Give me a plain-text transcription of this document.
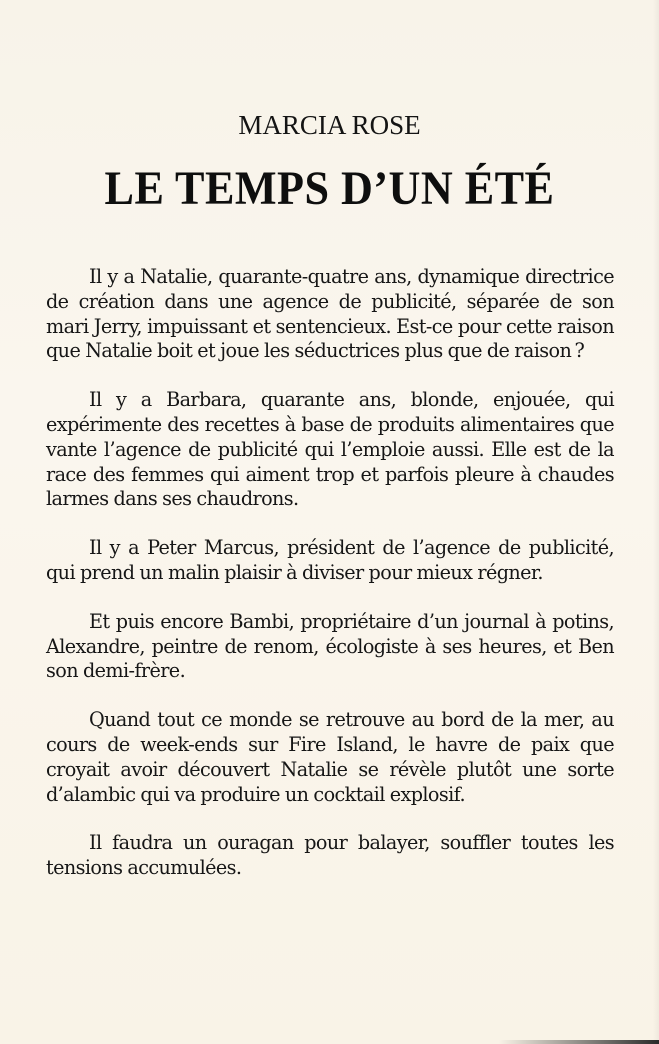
MARCIA ROSE
LE TEMPS D’UN ÉTÉ

Il y a Natalie, quarante-quatre ans, dynamique directrice de création dans une agence de publicité, séparée de son mari Jerry, impuissant et sentencieux. Est-ce pour cette raison que Natalie boit et joue les séductrices plus que de raison ?

Il y a Barbara, quarante ans, blonde, enjouée, qui expérimente des recettes à base de produits alimentaires que vante l’agence de publicité qui l’emploie aussi. Elle est de la race des femmes qui aiment trop et parfois pleure à chaudes larmes dans ses chaudrons.

Il y a Peter Marcus, président de l’agence de publicité, qui prend un malin plaisir à diviser pour mieux régner.

Et puis encore Bambi, propriétaire d’un journal à potins, Alexandre, peintre de renom, écologiste à ses heures, et Ben son demi-frère.

Quand tout ce monde se retrouve au bord de la mer, au cours de week-ends sur Fire Island, le havre de paix que croyait avoir découvert Natalie se révèle plutôt une sorte d’alambic qui va produire un cocktail explosif.

Il faudra un ouragan pour balayer, souffler toutes les tensions accumulées.
